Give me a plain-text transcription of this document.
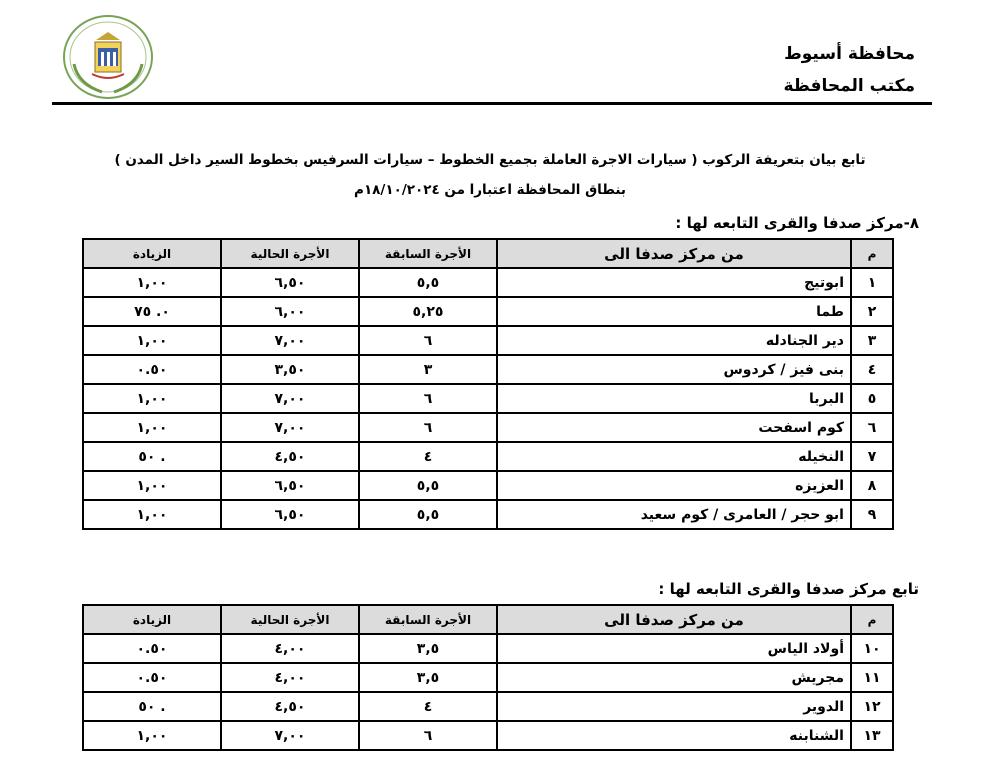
محافظة أسيوط
مكتب المحافظة
تابع بيان بتعريفة الركوب ( سيارات الاجرة العاملة بجميع الخطوط – سيارات السرفيس بخطوط السير داخل المدن )
بنطاق المحافظة اعتبارا من ١٨/١٠/٢٠٢٤م
٨-مركز صدفا والقرى التابعه لها :
م	من مركز صدفا الى	الأجرة السابقة	الأجرة الحالية	الزيادة
١	ابوتيج	٥,٥	٦,٥٠	١,٠٠
٢	طما	٥,٢٥	٦,٠٠	٠. ٧٥
٣	دير الجنادله	٦	٧,٠٠	١,٠٠
٤	بنى فيز / كردوس	٣	٣,٥٠	٠.٥٠
٥	البربا	٦	٧,٠٠	١,٠٠
٦	كوم اسفحت	٦	٧,٠٠	١,٠٠
٧	النخيله	٤	٤,٥٠	. ٥٠
٨	العزيزه	٥,٥	٦,٥٠	١,٠٠
٩	ابو حجر / العامرى / كوم سعيد	٥,٥	٦,٥٠	١,٠٠
تابع مركز صدفا والقرى التابعه لها :
م	من مركز صدفا الى	الأجرة السابقة	الأجرة الحالية	الزيادة
١٠	أولاد الياس	٣,٥	٤,٠٠	٠.٥٠
١١	مجريش	٣,٥	٤,٠٠	٠.٥٠
١٢	الدوير	٤	٤,٥٠	. ٥٠
١٣	الشنابنه	٦	٧,٠٠	١,٠٠
